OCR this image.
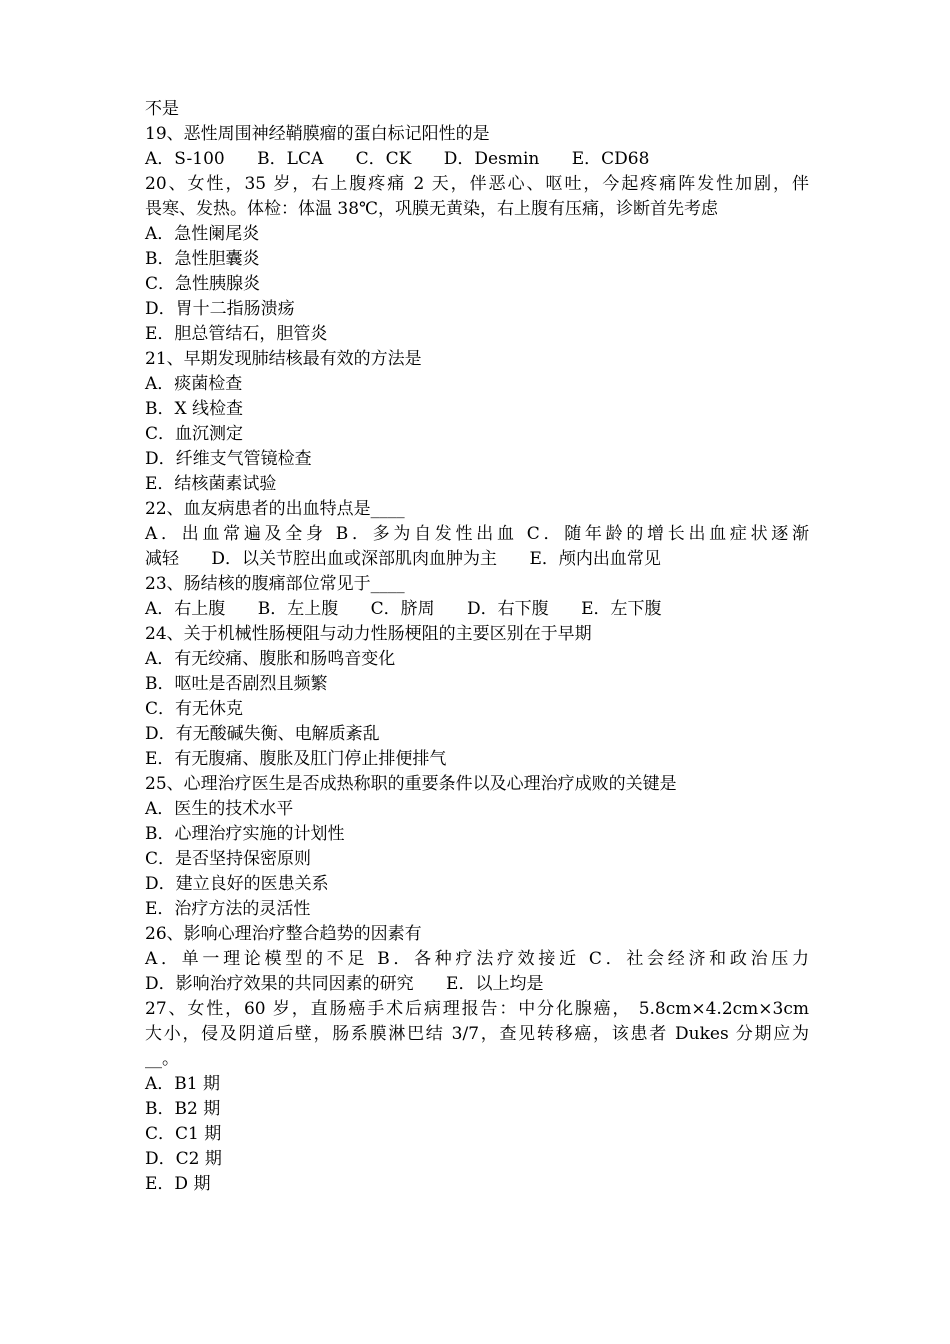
不是
19、恶性周围神经鞘膜瘤的蛋白标记阳性的是
A．S-100      B．LCA      C．CK      D．Desmin      E．CD68
20、女性，35 岁，右上腹疼痛 2 天，伴恶心、呕吐，今起疼痛阵发性加剧，伴
畏寒、发热。体检：体温 38℃，巩膜无黄染，右上腹有压痛，诊断首先考虑
A．急性阑尾炎
B．急性胆囊炎
C．急性胰腺炎
D．胃十二指肠溃疡
E．胆总管结石，胆管炎
21、早期发现肺结核最有效的方法是
A．痰菌检查
B．X 线检查
C．血沉测定
D．纤维支气管镜检查
E．结核菌素试验
22、血友病患者的出血特点是____
A．出血常遍及全身 B．多为自发性出血 C．随年龄的增长出血症状逐渐
减轻      D．以关节腔出血或深部肌肉血肿为主      E．颅内出血常见
23、肠结核的腹痛部位常见于____
A．右上腹      B．左上腹      C．脐周      D．右下腹      E．左下腹
24、关于机械性肠梗阻与动力性肠梗阻的主要区别在于早期
A．有无绞痛、腹胀和肠鸣音变化
B．呕吐是否剧烈且频繁
C．有无休克
D．有无酸碱失衡、电解质紊乱
E．有无腹痛、腹胀及肛门停止排便排气
25、心理治疗医生是否成热称职的重要条件以及心理治疗成败的关键是
A．医生的技术水平
B．心理治疗实施的计划性
C．是否坚持保密原则
D．建立良好的医患关系
E．治疗方法的灵活性
26、影响心理治疗整合趋势的因素有
A．单一理论模型的不足 B．各种疗法疗效接近 C．社会经济和政治压力
D．影响治疗效果的共同因素的研究      E．以上均是
27、女性，60 岁，直肠癌手术后病理报告：中分化腺癌， 5.8cm×4.2cm×3cm
大小，侵及阴道后壁，肠系膜淋巴结 3/7，查见转移癌，该患者 Dukes 分期应为
__。
A．B1 期
B．B2 期
C．C1 期
D．C2 期
E．D 期
